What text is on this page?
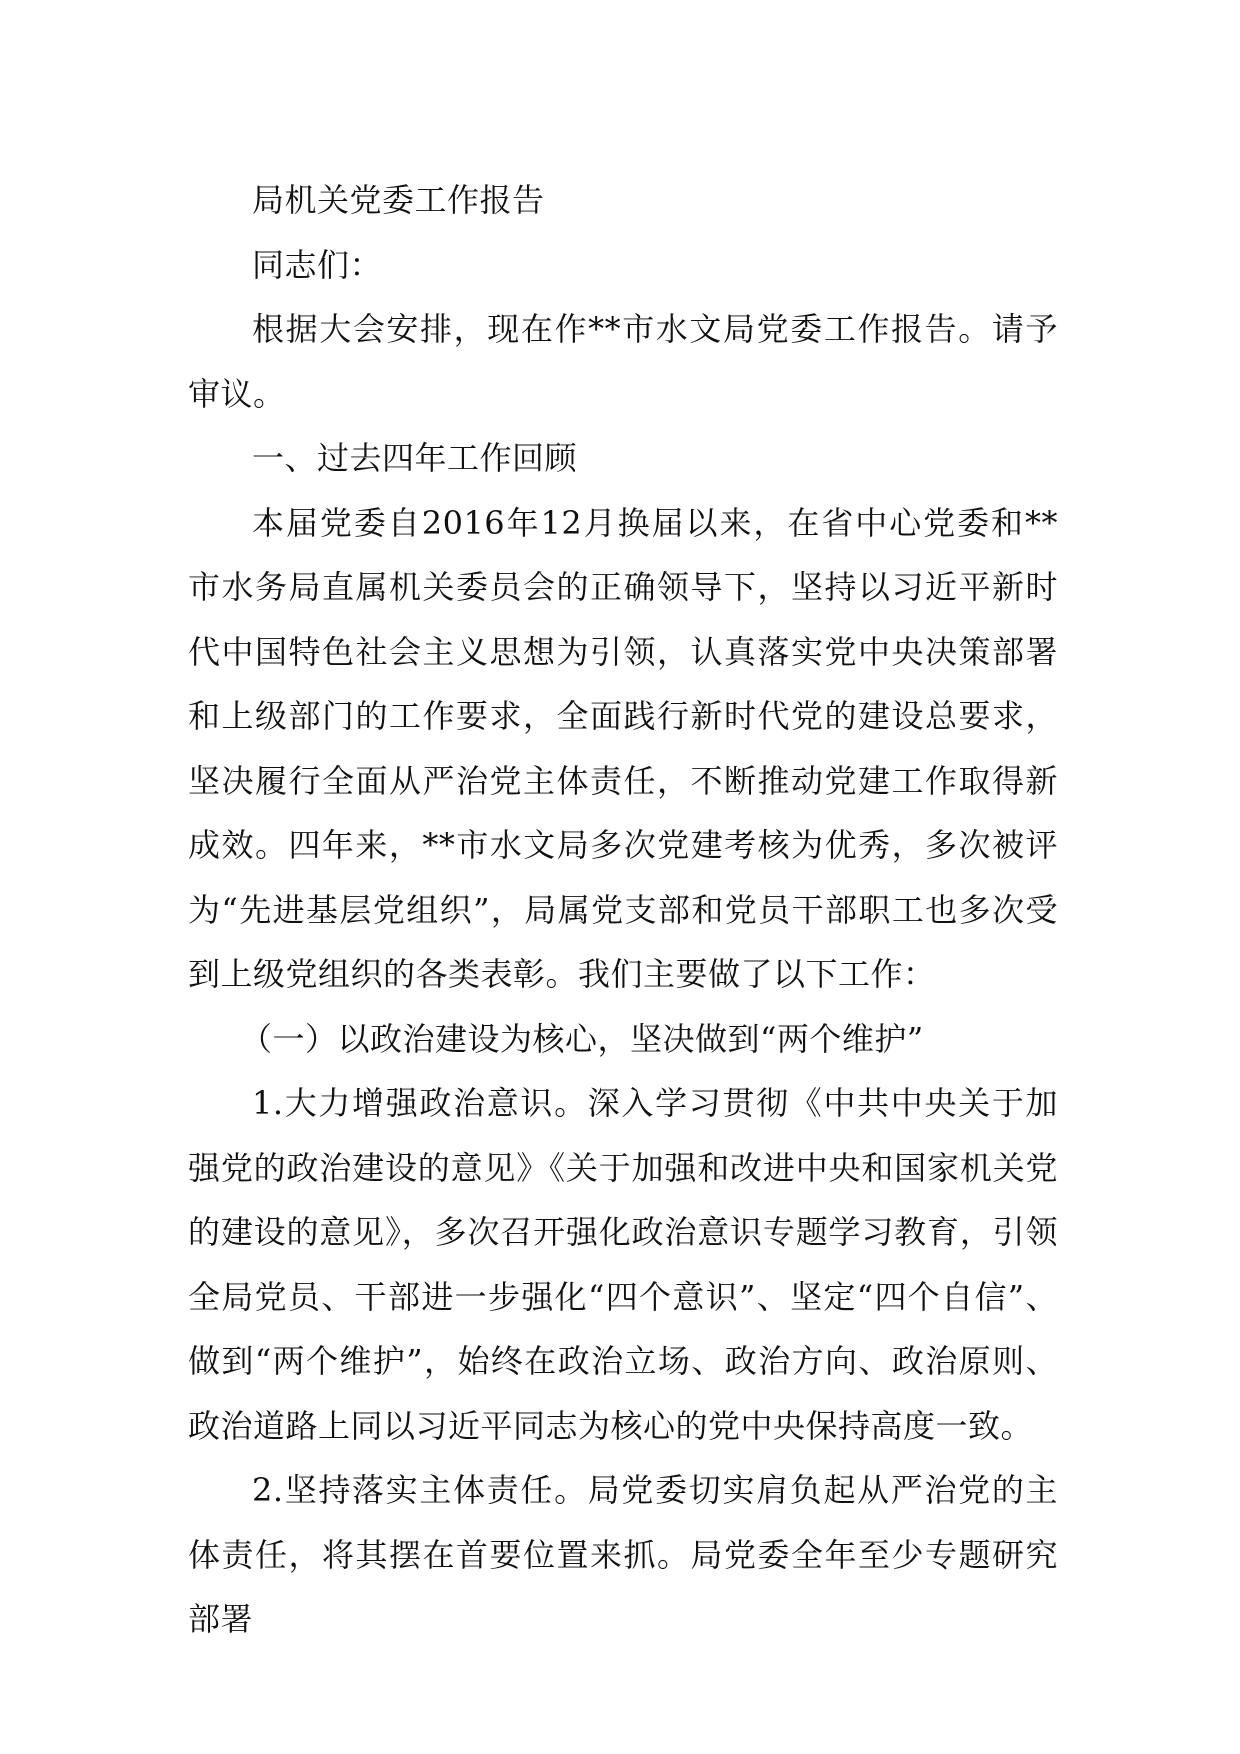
局机关党委工作报告

同志们：

根据大会安排，现在作**市水文局党委工作报告。请予审议。

一、过去四年工作回顾

本届党委自2016年12月换届以来，在省中心党委和**市水务局直属机关委员会的正确领导下，坚持以习近平新时代中国特色社会主义思想为引领，认真落实党中央决策部署和上级部门的工作要求，全面践行新时代党的建设总要求，坚决履行全面从严治党主体责任，不断推动党建工作取得新成效。四年来，**市水文局多次党建考核为优秀，多次被评为“先进基层党组织”，局属党支部和党员干部职工也多次受到上级党组织的各类表彰。我们主要做了以下工作：

（一）以政治建设为核心，坚决做到“两个维护”

1.大力增强政治意识。深入学习贯彻《中共中央关于加强党的政治建设的意见》《关于加强和改进中央和国家机关党的建设的意见》，多次召开强化政治意识专题学习教育，引领全局党员、干部进一步强化“四个意识”、坚定“四个自信”、做到“两个维护”，始终在政治立场、政治方向、政治原则、政治道路上同以习近平同志为核心的党中央保持高度一致。

2.坚持落实主体责任。局党委切实肩负起从严治党的主体责任，将其摆在首要位置来抓。局党委全年至少专题研究部署
